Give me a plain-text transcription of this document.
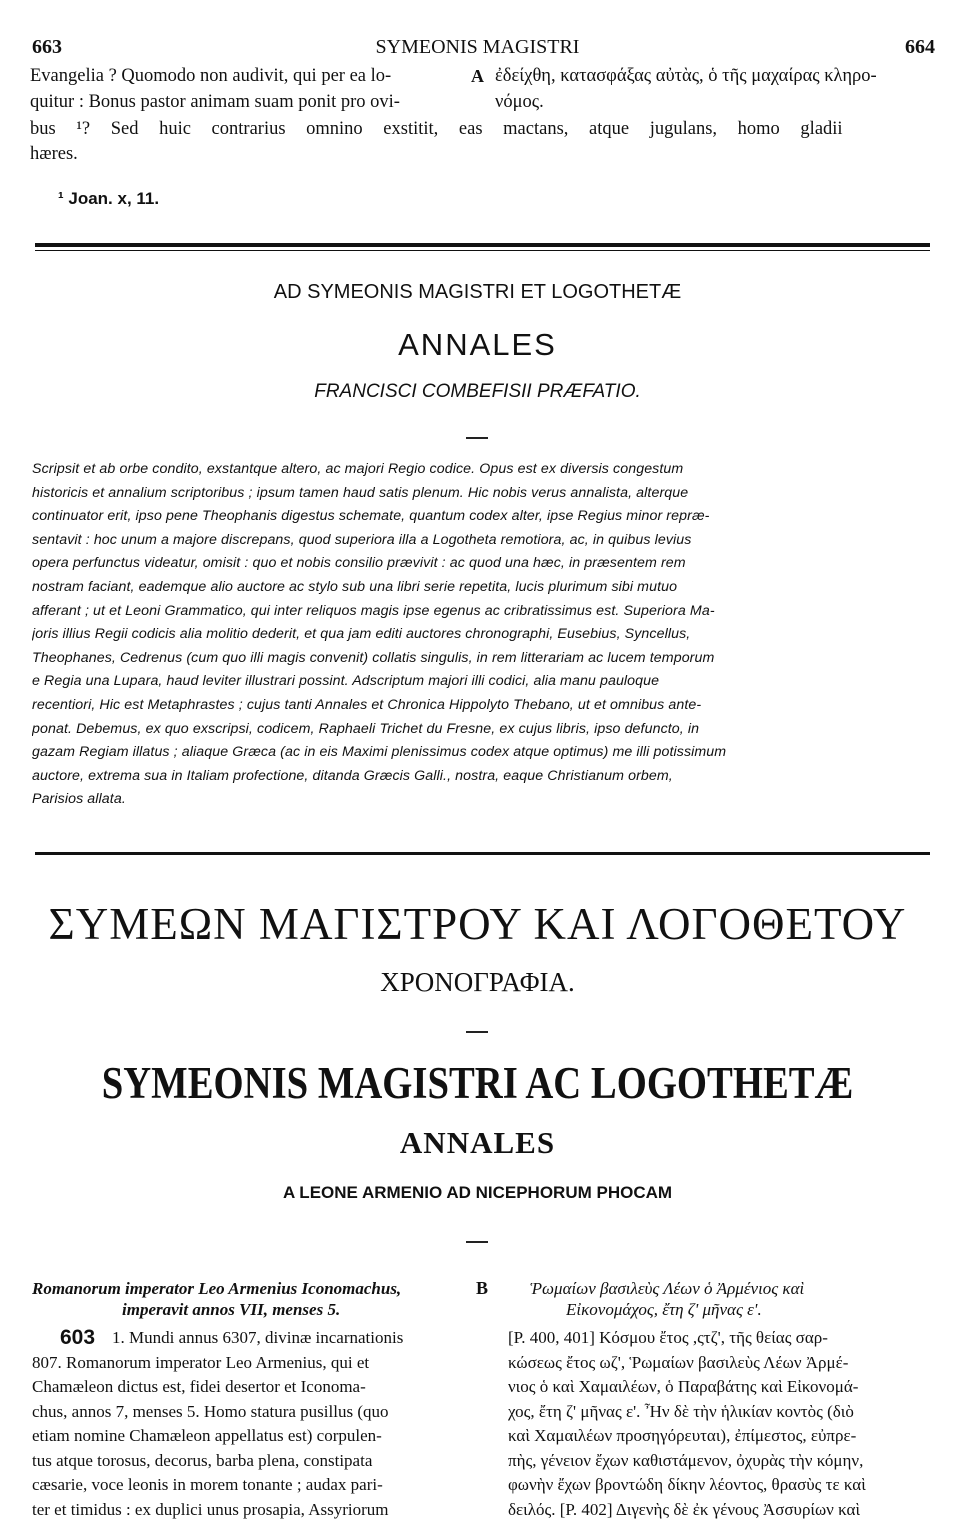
663	SYMEONIS MAGISTRI	664
Evangelia ? Quomodo non audivit, qui per ea lo-	A ἐδείχθη, κατασφάξας αὐτὰς, ὁ τῆς μαχαίρας κληρο-
quitur : Bonus pastor animam suam ponit pro ovi-	νόμος.
bus ¹? Sed huic contrarius omnino exstitit, eas mactans, atque jugulans, homo gladii
hæres.
¹ Joan. x, 11.
AD SYMEONIS MAGISTRI ET LOGOTHETÆ
ANNALES
FRANCISCI COMBEFISII PRÆFATIO.
Scripsit et ab orbe condito, exstantque altero, ac majori Regio codice. Opus est ex diversis congestum
historicis et annalium scriptoribus ; ipsum tamen haud satis plenum. Hic nobis verus annalista, alterque
continuator erit, ipso pene Theophanis digestus schemate, quantum codex alter, ipse Regius minor repræ-
sentavit : hoc unum a majore discrepans, quod superiora illa a Logotheta remotiora, ac, in quibus levius
opera perfunctus videatur, omisit : quo et nobis consilio prævivit : ac quod una hæc, in præsentem rem
nostram faciant, eademque alio auctore ac stylo sub una libri serie repetita, lucis plurimum sibi mutuo
afferant ; ut et Leoni Grammatico, qui inter reliquos magis ipse egenus ac cribratissimus est. Superiora Ma-
joris illius Regii codicis alia molitio dederit, et qua jam editi auctores chronographi, Eusebius, Syncellus,
Theophanes, Cedrenus (cum quo illi magis convenit) collatis singulis, in rem litterariam ac lucem temporum
e Regia una Lupara, haud leviter illustrari possint. Adscriptum majori illi codici, alia manu pauloque
recentiori, Hic est Metaphrastes ; cujus tanti Annales et Chronica Hippolyto Thebano, ut et omnibus ante-
ponat. Debemus, ex quo exscripsi, codicem, Raphaeli Trichet du Fresne, ex cujus libris, ipso defuncto, in
gazam Regiam illatus ; aliaque Græca (ac in eis Maximi plenissimus codex atque optimus) me illi potissimum
auctore, extrema sua in Italiam profectione, ditanda Græcis Galli., nostra, eaque Christianum orbem,
Parisios allata.
ΣΥΜΕΩΝ ΜΑΓΙΣΤΡΟΥ ΚΑΙ ΛΟΓΟΘΕΤΟΥ
ΧΡΟΝΟΓΡΑΦΙΑ.
SYMEONIS MAGISTRI AC LOGOTHETÆ
ANNALES
A LEONE ARMENIO AD NICEPHORUM PHOCAM
Romanorum imperator Leo Armenius Iconomachus,
imperavit annos VII, menses 5.
B
603 1. Mundi annus 6307, divinæ incarnationis
807. Romanorum imperator Leo Armenius, qui et
Chamæleon dictus est, fidei desertor et Iconoma-
chus, annos 7, menses 5. Homo statura pusillus (quo
etiam nomine Chamæleon appellatus est) corpulen-
tus atque torosus, decorus, barba plena, constipata
cæsarie, voce leonis in morem tonante ; audax pari-
ter et timidus : ex duplici unus prosapia, Assyriorum
Ῥωμαίων βασιλεὺς Λέων ὁ Ἀρμένιος καὶ
Εἰκονομάχος, ἔτη ζ' μῆνας ε'.
[P. 400, 401] Κόσμου ἔτος ,ςτζ', τῆς θείας σαρ-
κώσεως ἔτος ωζ', Ῥωμαίων βασιλεὺς Λέων Ἀρμέ-
νιος ὁ καὶ Χαμαιλέων, ὁ Παραβάτης καὶ Εἰκονομά-
χος, ἔτη ζ' μῆνας ε'. Ἦν δὲ τὴν ἡλικίαν κοντὸς (διὸ
καὶ Χαμαιλέων προσηγόρευται), ἐπίμεστος, εὐπρε-
πὴς, γένειον ἔχων καθιστάμενον, ὀχυρὰς τὴν κόμην,
φωνὴν ἔχων βροντώδη δίκην λέοντος, θρασὺς τε καὶ
δειλός. [P. 402] Διγενὴς δὲ ἐκ γένους Ἀσσυρίων καὶ
